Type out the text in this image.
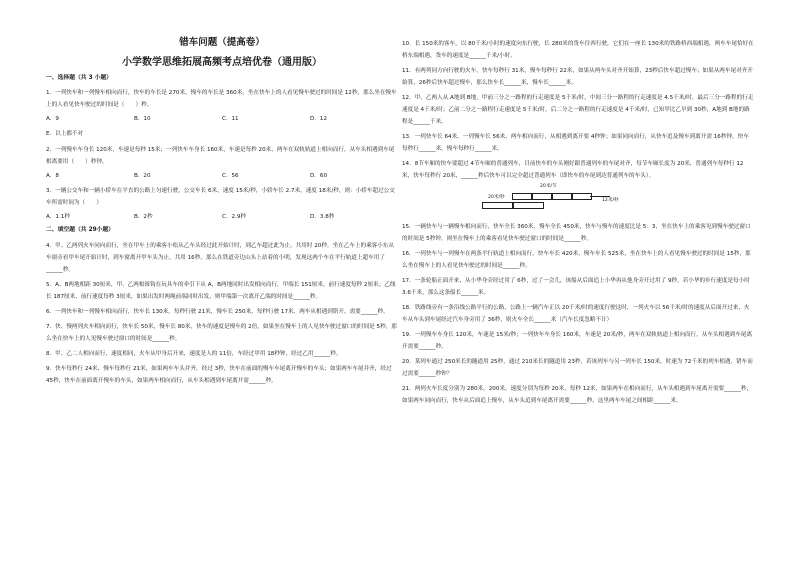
错车问题（提高卷）
小学数学思维拓展高频考点培优卷（通用版）
一、选择题（共 3 小题）
1．一列快车和一列慢车相向而行，快车的车长是 270米，慢车的车长是 360米，坐在快车上的人看见慢车驶过的时间是 12秒，那么坐在慢车上的人看见快车驶过的时间是（　　）秒。
A．9	B．10	C．11	D．12
E．以上都不对
2．一列慢车车身长 120米，车速是每秒 15米；一列快车车身长 160米，车速是每秒 20米，两车在双轨轨道上相向而行，从车头相遇到车尾相离要用（　　）秒钟。
A．8	B．20	C．56	D．60
3．一辆公交车和一辆小轿车在平直的公路上匀速行驶，公交车长 6米，速度 15米/秒，小轿车长 2.7米，速度 18米/秒，则：小轿车超过公交车所需时间为（　　）
A．1.1秒	B．2秒	C．2.9秒	D．3.8秒
二、填空题（共 29小题）
4．甲、乙两列火车同向而行，坐在甲车上的乘客小松从乙车头经过此开始计时，到乙车超过此为止，共用时 20秒。坐在乙车上的乘客小东从车窗旁看甲车尾开始计时，到车窗离开甲车头为止，共用 16秒。那么在铁道旁边山头上站着的小明，发现这两个车在平行轨道上超车用了______秒。
5．A、B两地相距 30厘米，甲、乙两根锥钩在玩具车的牵引下从 A，B两地同时出发相向而行，甲端长 151厘米，前行速度每秒 2厘米；乙线长 187厘米，前行速度每秒 3厘米，如果出发时两绳前端同时出发，则甲端第一次离开乙端的时间是______秒。
6．一列快车和一列慢车相向而行，快车长 130米，每秒行驶 21米，慢车长 250米，每秒行驶 17米，两车从相遇到错开，需要______秒。
7．快、慢两列火车相向而行，快车长 50米，慢车长 80米，快车的速度是慢车的 2倍，如果坐在慢车上的人见快车驶过窗口的时间是 5秒，那么坐在快车上的人见慢车驶过窗口的时间是______秒。
8．甲、乙二人相向而行，速度相同，火车从甲身后开来，速度是人的 11倍，车经过甲用 18秒钟，经过乙用______秒。
9．快车每秒行 24米，慢车每秒行 21米，如果两车车头并齐，经过 3秒，快车在前面的慢车车尾离开慢车的车头；如果两车车尾并齐，经过 45秒，快车在前面离开慢车的车头，如果两车相向而行，从车头相遇到车尾离开需______秒。
10．长 150米的客车，以 80千米/小时的速度向东行驶，长 280米的货车往西行驶，它们在一座长 130米的铁路桥西端相遇，两车车尾恰好在桥东端相遇，货车的速度是______千米/小时。
11．有两列同方向行驶的火车，快车每秒行 31米，慢车每秒行 22米，如果从两车头对齐开始算，23秒后快车超过慢车；如果从两车尾对齐开始算，26秒后快车超过慢车，那么快车长______米，慢车长______米。
12．甲、乙两人从 A地到 B地，甲前三分之一路程的行走速度是 5千米/时，中间三分一路程的行走速度是 4.5千米/时，最后三分一路程的行走速度是 4千米/时；乙前二分之一路程行走速度是 5千米/时，后二分之一路程的行走速度是 4千米/时，已知甲比乙早到 30秒，A地到 B地的路程是______千米。
13．一列快车长 64米，一列慢车长 56米，两车相向而行，从相遇到离开要 4秒钟；如果同向而行，从快车追及慢车到离开需 16秒钟，快车每秒行______米，慢车每秒行______米。
14．8节车厢的快车要超过 4节车厢的普通列车，目前快车的车头刚好跟普通列车的车尾对齐，每节车厢长度为 20米，普通列车每秒行 12米，快车每秒行 20米，______秒后快车可以完全超过普通列车（即快车的车尾到达普通列车的车头）。
20米/节
12米/秒
20米/秒
15．一辆快车与一辆慢车相向而行，快车全长 360米，慢车全长 450米，快车与慢车的速度比是 5：3，坐在快车上的乘客见到慢车驶过窗口的时间是 5秒钟，则坐在慢车上的乘客看见快车驶过窗口的时间是______秒。
16．一列快车与一列慢车在两条平行轨道上相向而行，快车车长 420米，慢车车长 525米，坐在快车上的人看见慢车驶过的时间是 15秒，那么坐在慢车上的人看见快车驶过的时间是______秒。
17．一条轮船正面开来，从小华身旁经过用了 6秒，过了一会儿，该船从后面追上小华再从他身旁开过用了 9秒，若小华的步行速度是每小时 3.6千米，那么这条船长______米。
18．铁路线旁有一条沿线公路平行的公路，公路上一辆汽车正以 20千米/时的速度行驶这时，一列火车以 56千米/时的速度从后面开过来，火车从车头到车尾经过汽车身旁用了 36秒，则火车全长______米（汽车长度忽略不计）
19．一列慢车车身长 120米，车速是 15米/秒；一列快车车身长 160米，车速是 20米/秒，两车在双轨轨道上相向而行，从车头相遇到车尾离开需要______秒。
20．某列车通过 250米长的隧道用 25秒，通过 210米长的隧道用 23秒，若该列车与另一列车长 150米，时速为 72千米的列车相遇，错车而过需要______秒钟？
21．两列火车长度分别为 280米，200米，速度分别为每秒 20米，每秒 12米，如果两车在相向而行，从车头相遇到车尾离开需要______秒，如果两车同向而行，快车从后面追上慢车，从车头追到车尾离开需要______秒，这里两车车尾之间相距______米。
